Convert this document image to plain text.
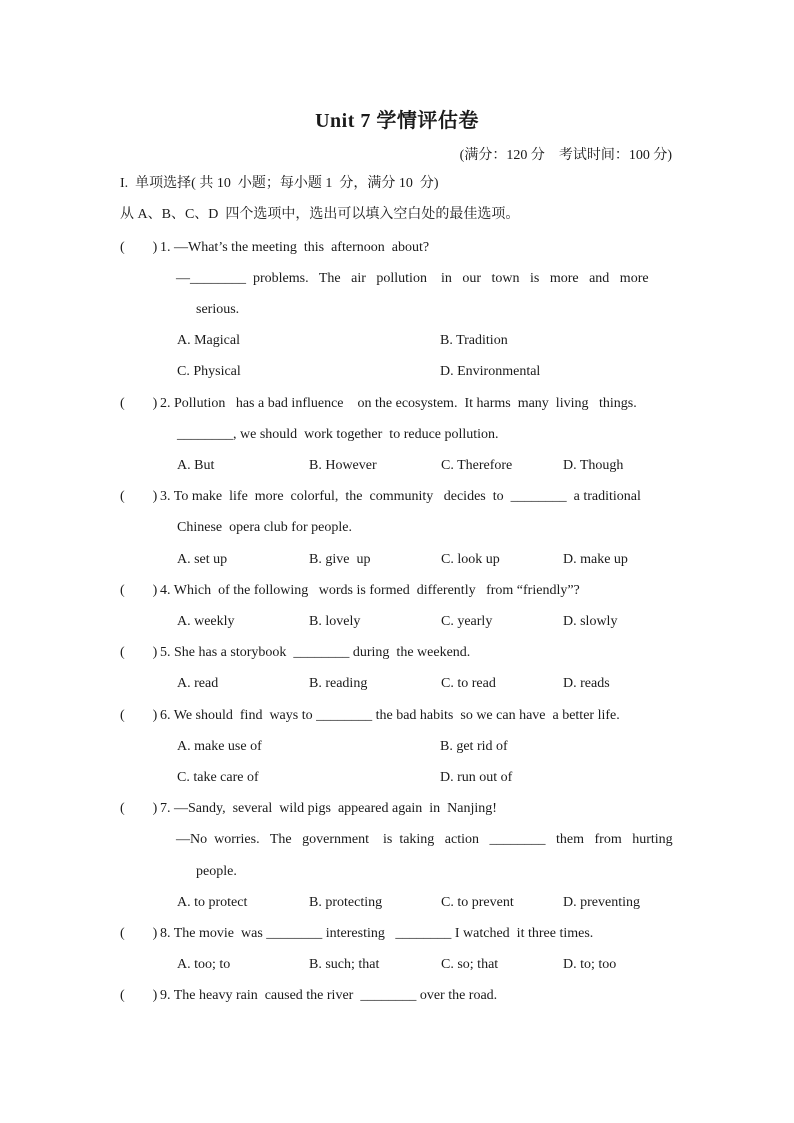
Unit 7 学情评估卷
(满分：120 分    考试时间：100 分)
I.  单项选择( 共 10  小题；每小题 1  分，满分 10  分)
从 A、B、C、D  四个选项中，选出可以填入空白处的最佳选项。
(        ) 1. —What’s the meeting  this  afternoon  about?
—________  problems.   The   air   pollution    in   our   town   is   more   and   more
serious.
A. Magical	B. Tradition
C. Physical	D. Environmental
(        ) 2. Pollution   has a bad influence    on the ecosystem.  It harms  many  living   things.
________, we should  work together  to reduce pollution.
A. But	B. However	C. Therefore	D. Though
(        ) 3. To make  life  more  colorful,  the  community   decides  to  ________  a traditional
Chinese  opera club for people.
A. set up	B. give  up	C. look up	D. make up
(        ) 4. Which  of the following   words is formed  differently   from “friendly”?
A. weekly	B. lovely	C. yearly	D. slowly
(        ) 5. She has a storybook  ________ during  the weekend.
A. read	B. reading	C. to read	D. reads
(        ) 6. We should  find  ways to ________ the bad habits  so we can have  a better life.
A. make use of	B. get rid of
C. take care of	D. run out of
(        ) 7. —Sandy,  several  wild pigs  appeared again  in  Nanjing!
—No  worries.   The   government    is  taking   action   ________   them   from   hurting
people.
A. to protect	B. protecting	C. to prevent	D. preventing
(        ) 8. The movie  was ________ interesting   ________ I watched  it three times.
A. too; to	B. such; that	C. so; that	D. to; too
(        ) 9. The heavy rain  caused the river  ________ over the road.
